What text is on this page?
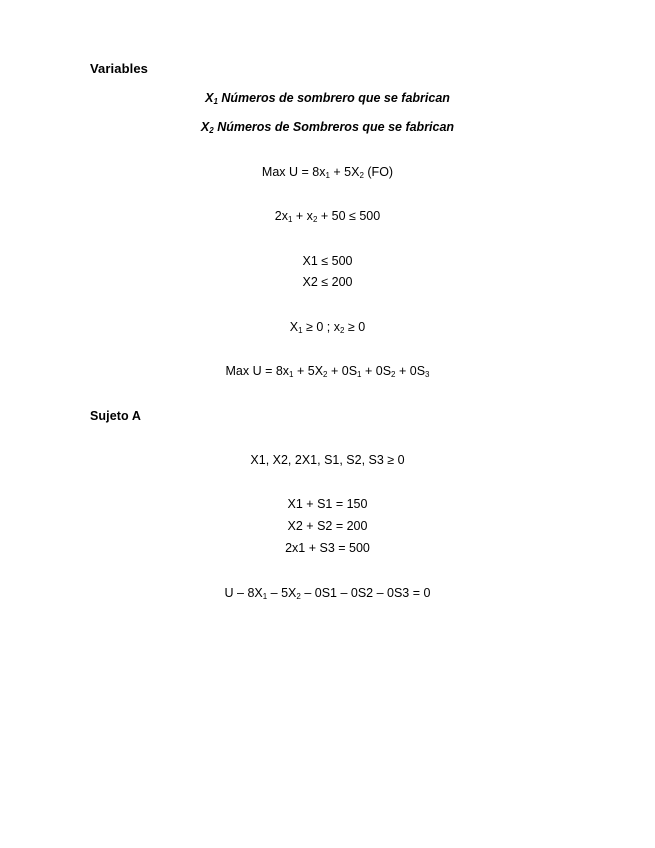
Variables
X1 Números de sombrero que se fabrican
X2 Números de Sombreros que se fabrican
Max U = 8x1 + 5X2 (FO)
2x1 + x2 + 50 ≤ 500
X1 ≤ 500
X2 ≤ 200
X1 ≥ 0 ; x2 ≥ 0
Max U = 8x1 + 5X2 + 0S1 + 0S2 + 0S3
Sujeto A
X1, X2, 2X1, S1, S2, S3 ≥ 0
X1 + S1 = 150
X2 + S2 = 200
2x1 + S3 = 500
U – 8X1 – 5X2 – 0S1 – 0S2 – 0S3 = 0
